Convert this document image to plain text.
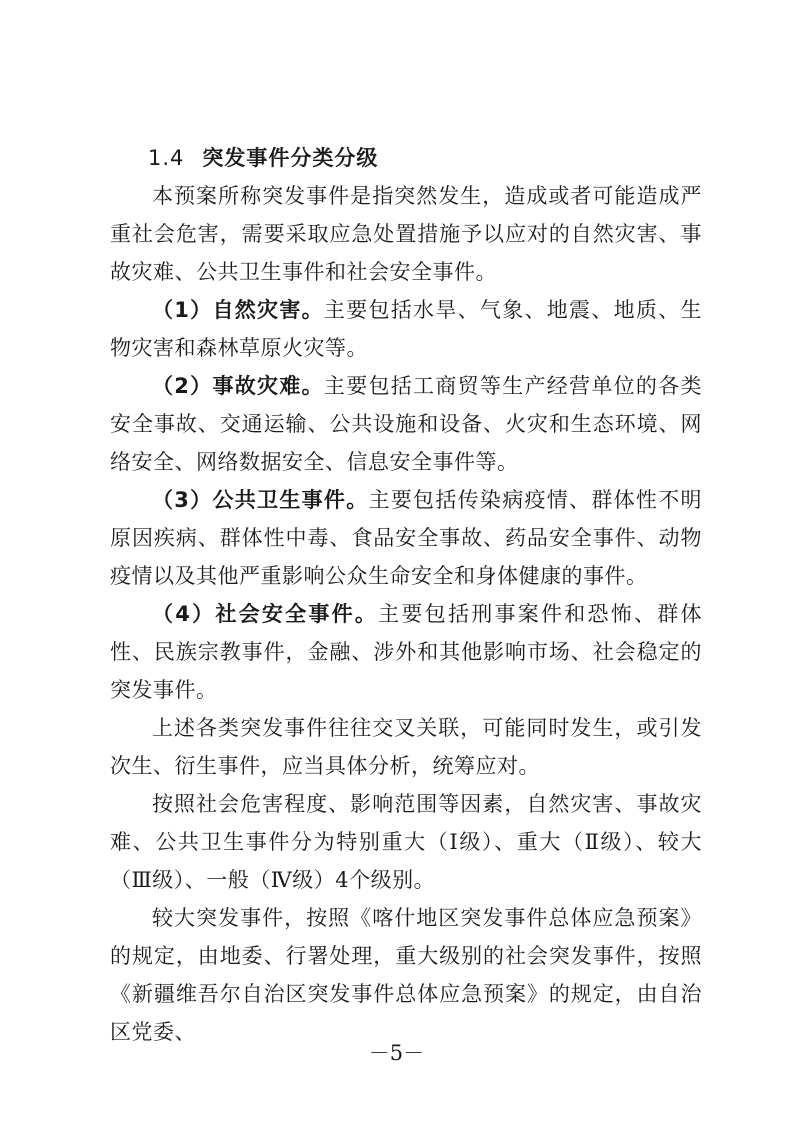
1.4 突发事件分类分级

本预案所称突发事件是指突然发生，造成或者可能造成严重社会危害，需要采取应急处置措施予以应对的自然灾害、事故灾难、公共卫生事件和社会安全事件。

（1）自然灾害。主要包括水旱、气象、地震、地质、生物灾害和森林草原火灾等。

（2）事故灾难。主要包括工商贸等生产经营单位的各类安全事故、交通运输、公共设施和设备、火灾和生态环境、网络安全、网络数据安全、信息安全事件等。

（3）公共卫生事件。主要包括传染病疫情、群体性不明原因疾病、群体性中毒、食品安全事故、药品安全事件、动物疫情以及其他严重影响公众生命安全和身体健康的事件。

（4）社会安全事件。主要包括刑事案件和恐怖、群体性、民族宗教事件，金融、涉外和其他影响市场、社会稳定的突发事件。

上述各类突发事件往往交叉关联，可能同时发生，或引发次生、衍生事件，应当具体分析，统筹应对。

按照社会危害程度、影响范围等因素，自然灾害、事故灾难、公共卫生事件分为特别重大（Ⅰ级）、重大（Ⅱ级）、较大（Ⅲ级）、一般（Ⅳ级）4个级别。

较大突发事件，按照《喀什地区突发事件总体应急预案》的规定，由地委、行署处理，重大级别的社会突发事件，按照《新疆维吾尔自治区突发事件总体应急预案》的规定，由自治区党委、

－5－
